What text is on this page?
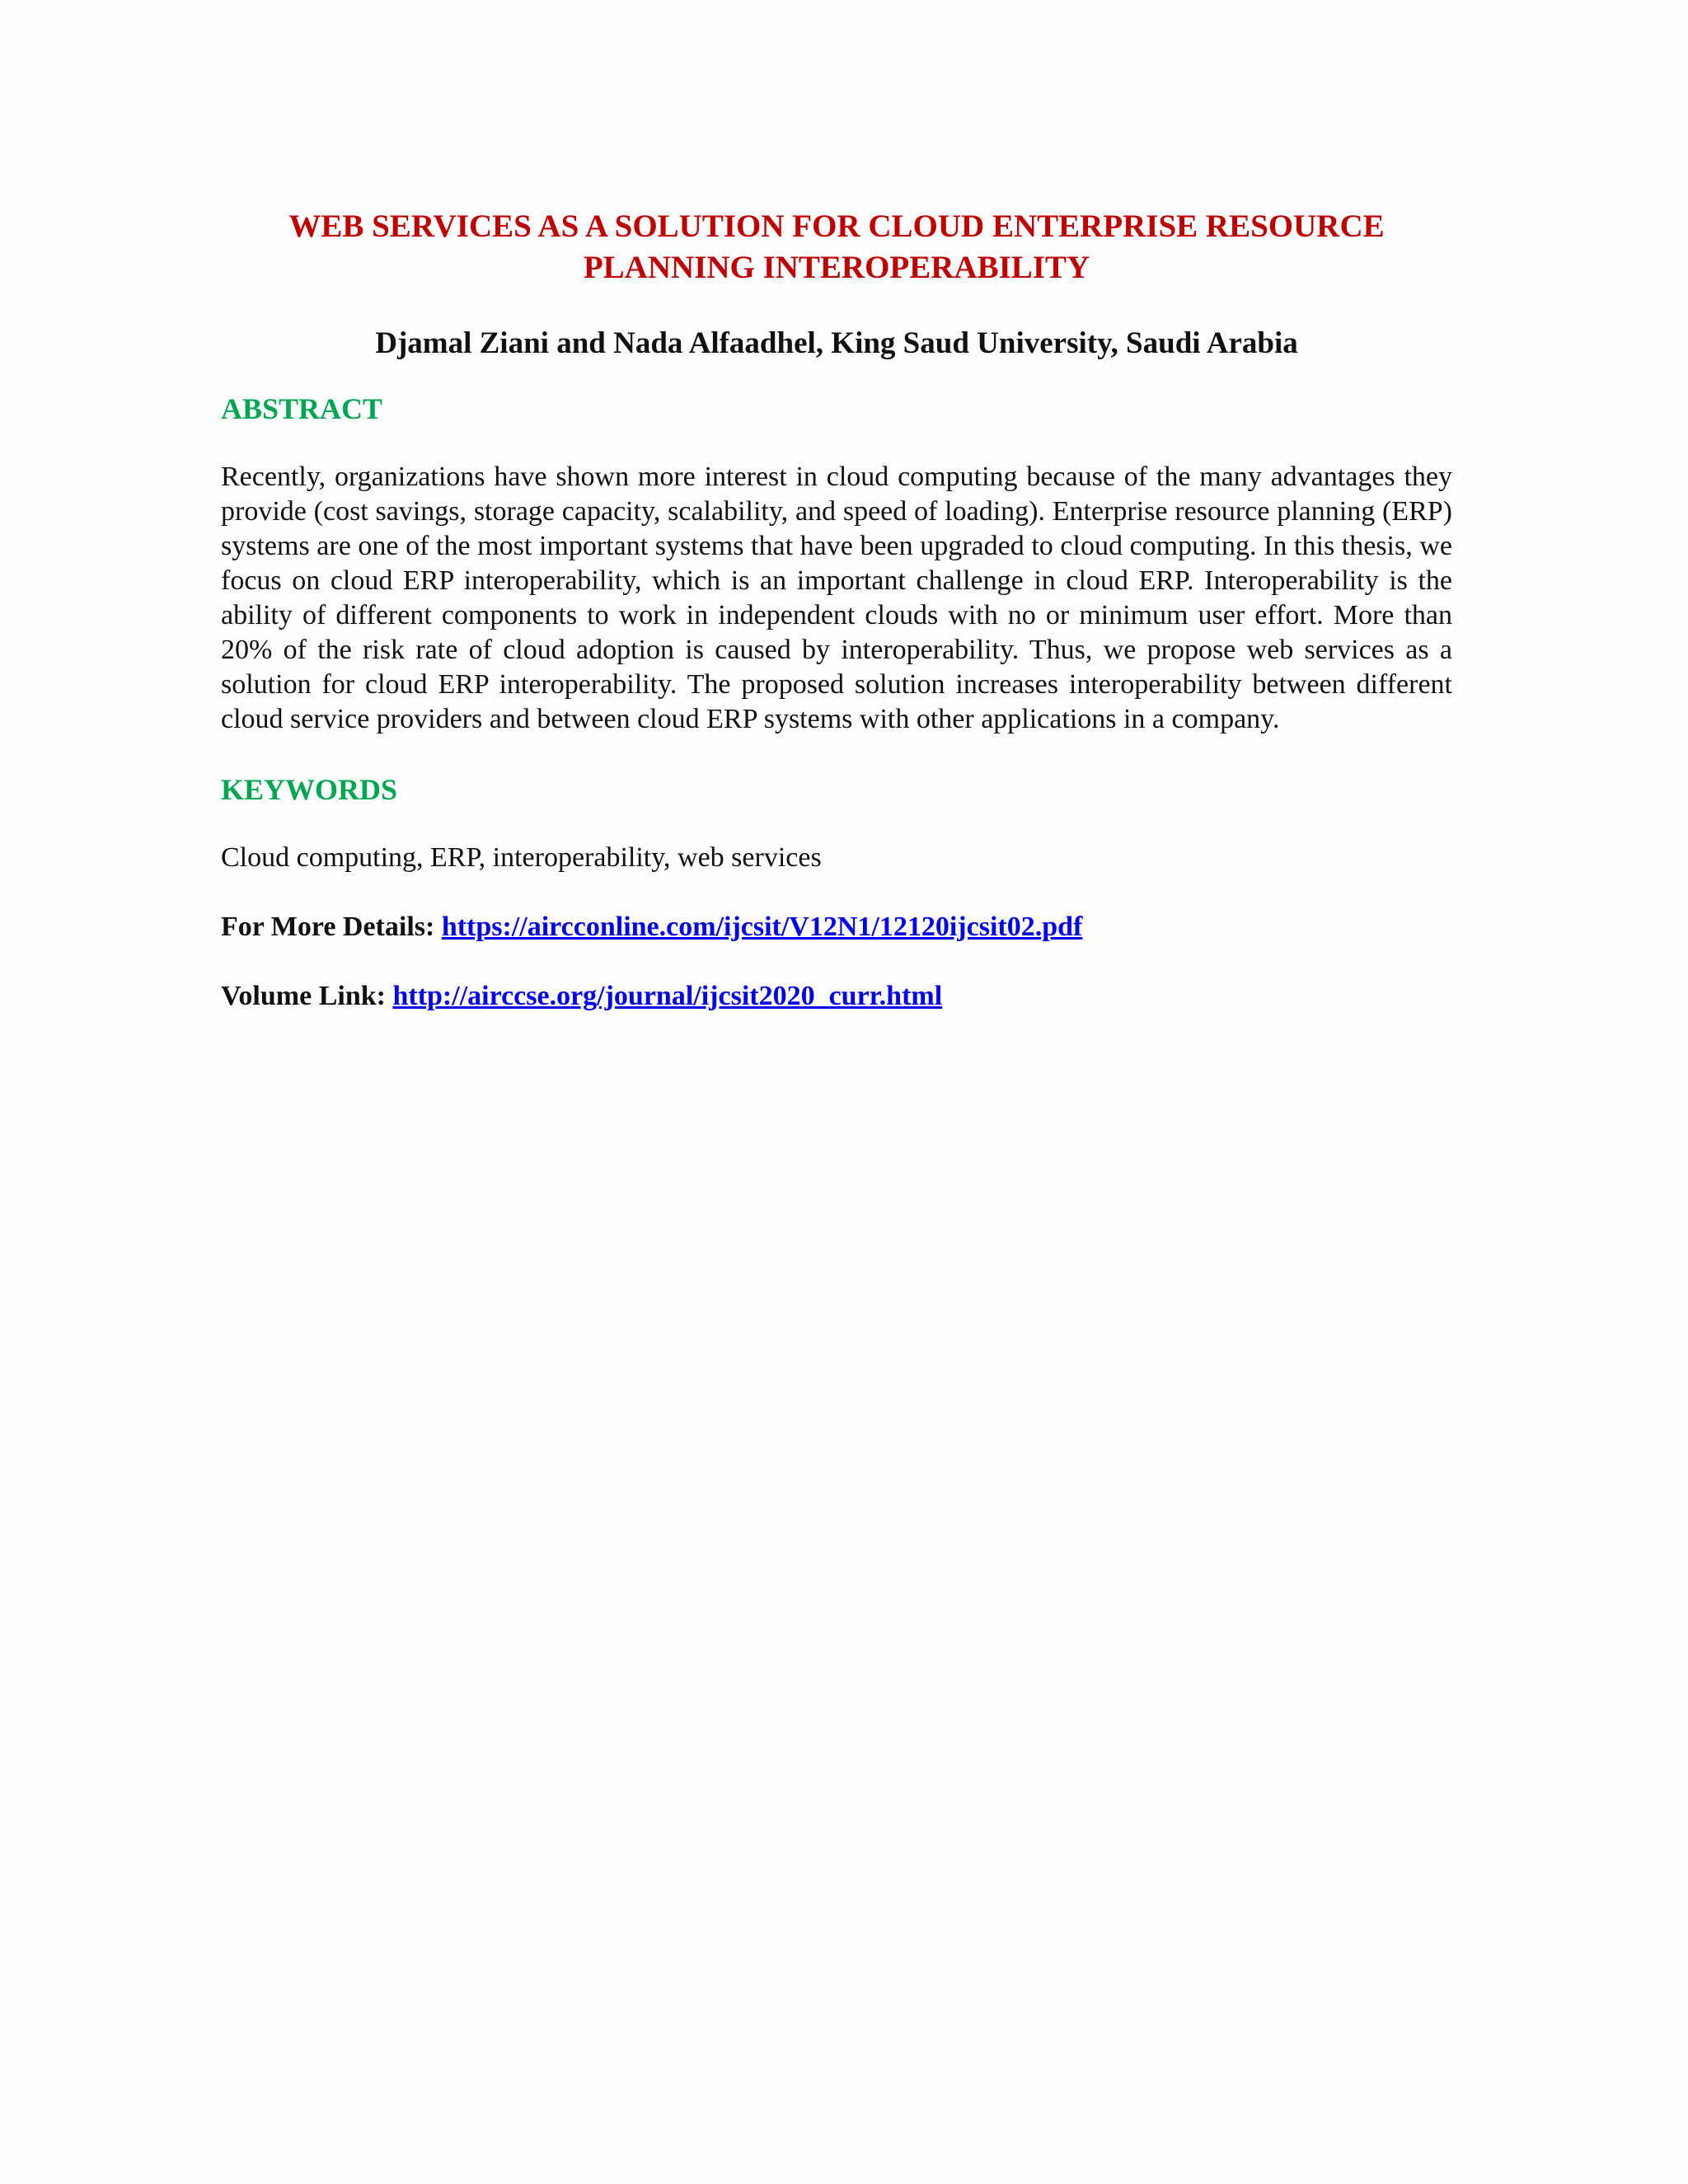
WEB SERVICES AS A SOLUTION FOR CLOUD ENTERPRISE RESOURCE
PLANNING INTEROPERABILITY

Djamal Ziani and Nada Alfaadhel, King Saud University, Saudi Arabia

ABSTRACT

Recently, organizations have shown more interest in cloud computing because of the many advantages they provide (cost savings, storage capacity, scalability, and speed of loading). Enterprise resource planning (ERP) systems are one of the most important systems that have been upgraded to cloud computing. In this thesis, we focus on cloud ERP interoperability, which is an important challenge in cloud ERP. Interoperability is the ability of different components to work in independent clouds with no or minimum user effort. More than 20% of the risk rate of cloud adoption is caused by interoperability. Thus, we propose web services as a solution for cloud ERP interoperability. The proposed solution increases interoperability between different cloud service providers and between cloud ERP systems with other applications in a company.

KEYWORDS

Cloud computing, ERP, interoperability, web services

For More Details: https://aircconline.com/ijcsit/V12N1/12120ijcsit02.pdf

Volume Link: http://airccse.org/journal/ijcsit2020_curr.html
